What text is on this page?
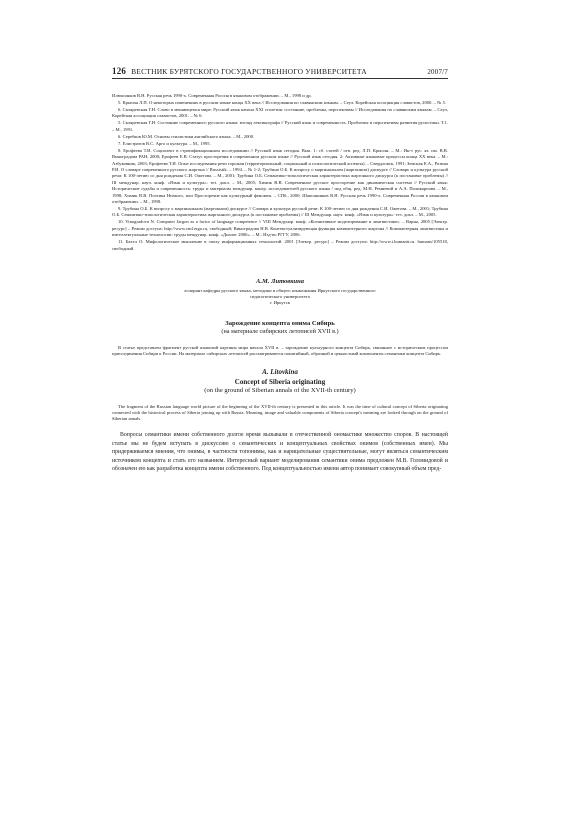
126 ВЕСТНИК БУРЯТСКОГО ГОСУДАРСТВЕННОГО УНИВЕРСИТЕТА	2007/7

Илюшонков В.Н. Русская речь 1990-х. Современная Россия в языковом отображении. – М., 1998 и др.

5. Крысин Л.П. О некоторых изменениях в русском языке конца XX века // Исследования по славянским языкам. – Сеул: Корейская ассоциация славистов, 2000. – № 5.

6. Скляревская Г.Н. Слово в меняющемся мире: Русский язык начала XXI столетия: состояние, проблемы, перспективы // Исследования по славянским языкам. – Сеул, Корейская ассоциация славистов, 2001. – № 6.

5. Скляревская Г.Н. Состояние современного русского языка: взгляд лексикографа // Русский язык и современность. Проблемы и перспективы развития русистики. Т.1. – М., 1991.

6. Серебков Ю.М. Основы стилистики английского языка. – М., 2000.

7. Елистратов В.С. Арго и культура. – М., 1995.

8. Ерофеева Т.И. Социолект в стратификационном исследовании // Русский язык сегодня. Вып. 1: сб. статей / отв. ред. Л.П. Крысин. – М.: Ин-т рус. яз. им. В.В. Виноградова РАН, 2000; Ерофеев Е.В. Статус просторечия в современном русском языке // Русский язык сегодня. 2: Активные языковые процессы конца XX века. – М.: Азбуковник, 2003; Ерофеева Т.И. Опыт исследования речи горожан (территориальный, социальный и психологический аспекты). – Свердловск, 1991; Земская Е.А., Розина Р.И. О словаре современного русского жаргона // Russistik. – 1994. – № 1-2; Трубина О.Б. К вопросу о маргинальном (жаргонном) дискурсе // Словарь и культура русской речи: К 100-летию со дня рождения С.И. Ожегова. – М., 2001; Трубина О.Б. Семантико-типологическая характеристика жаргонного дискурса (к постановке проблемы) // III междунар. науч. конф. «Язык и культура»: тез. докл. – М., 2005; Химик В.В. Современное русское просторечие как динамическая система // Русский язык: Исторические судьбы и современность: труды и материалы междунар. конгр. исследователей русского языка / под общ. ред. М.Н. Ремневой и А.А. Поликарпова. – М., 1998; Химик В.В. Поэтика Низкого, или Просторечие как культурный феномен. – СПб., 2000; Шапошников В.Н. Русская речь 1990-х. Современная Россия в языковом отображении. – М., 1998.

9. Трубина О.Б. К вопросу о маргинальном (жаргонном) дискурсе // Словарь и культура русской речи: К 100-летию со дня рождения С.И. Ожегова. – М., 2001; Трубина О.Б. Семантико-типологическая характеристика жаргонного дискурса (к постановке проблемы) // III Междунар. науч. конф. «Язык и культура»: тез. докл. – М., 2005.

10. Vinogradova N. Computer Jargon as a factor of language competence // VIII Междунар. конф. «Когнитивное моделирование в лингвистике». – Варна, 2005 [Электр. ресурс] – Режим доступа: http://www.cml.ergo.ru, свободный; Виноградова Н.В. Контекстуализирующая функция компьютерного жаргона // Компьютерная лингвистика и интеллектуальные технологии: труды междунар. конф. «Диалог 2006». – М.: Изд-во РГГУ, 2006.

11. Бахтл О. Мифологическое мышление в эпоху информационных технологий. 2001 [Электр. ресурс] – Режим доступа: http://www.i.humanit.ru. humans/105518, свободный.

А.М. Литовкина
аспирант кафедры русского языка, методики и общего языкознания Иркутского государственного
педагогического университета
г. Иркутск
Зарождение концепта онима Сибирь
(на материале сибирских летописей XVII в.)
В статье представлен фрагмент русской языковой картины мира начала XVII в. – зарождение культурного концепта Сибирь, связанное с историческим процессом присоединения Сибири к России. На материале сибирских летописей рассматриваются понятийный, образный и ценностный компоненты семантики концепта Сибирь.
A. Litovkina
Concept of Siberia originating
(on the ground of Siberian annals of the XVII-th century)
The fragment of the Russian language world picture of the beginning of the XVII-th century is presented in this article. It was the time of cultural concept of Siberia originating connected with the historical process of Siberia joining up with Russia. Meaning, image and valuable components of Siberia concept's meaning are looked through on the ground of Siberian annals.
Вопросы семантики имени собственного долгое время вызывали в отечественной ономастике множество споров. В настоящей статье мы не будем вступать в дискуссию о семантических и концептуальных свойствах онимов (собственных имен). Мы придерживаемся мнения, что онимы, в частности топонимы, как и нарицательные существительные, могут являться семантическим источником концепта и стать его названием. Интересный вариант моделирования семантики онима предложен М.В. Голомидовой и обозначен ею как разработка концепта имени собственного. Под концептуальностью имени автор понимает совокупный объем пред-
